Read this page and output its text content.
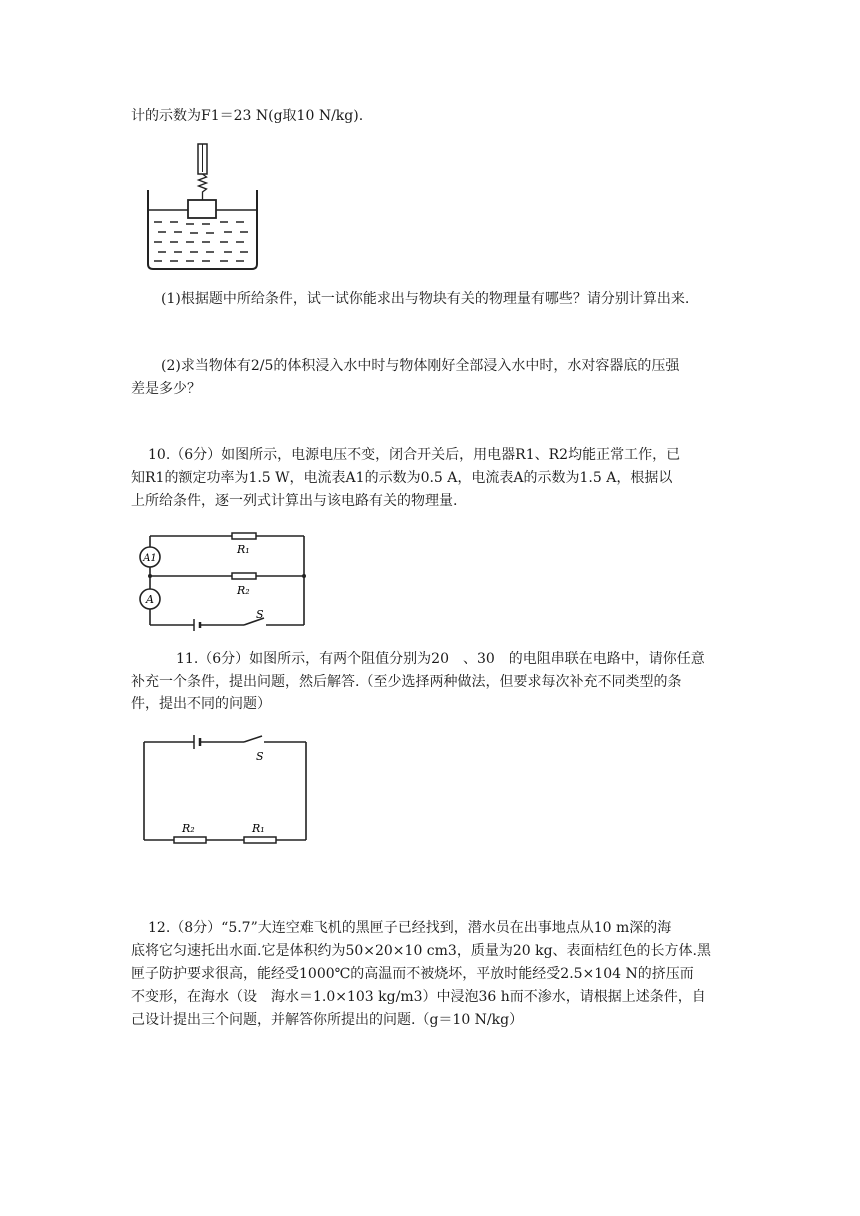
计的示数为F1＝23 N(g取10 N/kg).
(1)根据题中所给条件，试一试你能求出与物块有关的物理量有哪些？请分别计算出来.
(2)求当物体有2/5的体积浸入水中时与物体刚好全部浸入水中时，水对容器底的压强
差是多少？
10.（6分）如图所示，电源电压不变，闭合开关后，用电器R1、R2均能正常工作，已
知R1的额定功率为1.5 W，电流表A1的示数为0.5 A，电流表A的示数为1.5 A，根据以
上所给条件，逐一列式计算出与该电路有关的物理量.
A1
A
R₁
R₂
S
11.（6分）如图所示，有两个阻值分别为20　、30　的电阻串联在电路中，请你任意
补充一个条件，提出问题，然后解答.（至少选择两种做法，但要求每次补充不同类型的条
件，提出不同的问题）
S
R₂	R₁
12.（8分）“5.7”大连空难飞机的黑匣子已经找到，潜水员在出事地点从10 m深的海
底将它匀速托出水面.它是体积约为50×20×10 cm3，质量为20 kg、表面桔红色的长方体.黑
匣子防护要求很高，能经受1000℃的高温而不被烧坏，平放时能经受2.5×104 N的挤压而
不变形，在海水（设　海水＝1.0×103 kg/m3）中浸泡36 h而不渗水，请根据上述条件，自
己设计提出三个问题，并解答你所提出的问题.（g＝10 N/kg）
